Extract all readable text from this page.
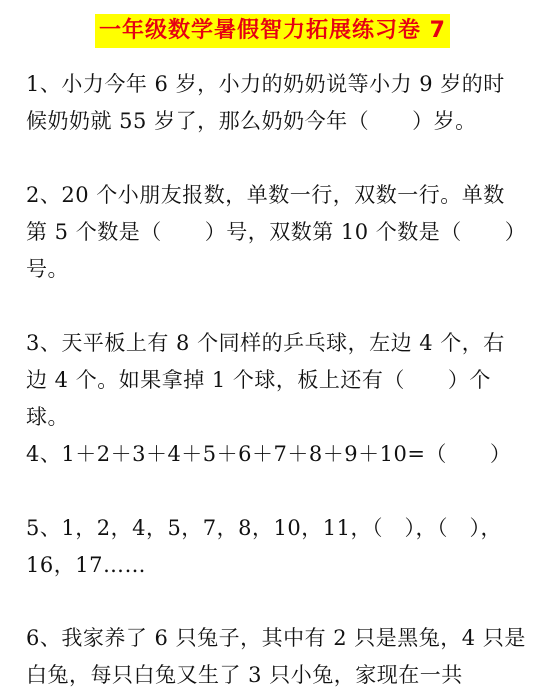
一年级数学暑假智力拓展练习卷 7
1、小力今年 6 岁，小力的奶奶说等小力 9 岁的时候奶奶就 55 岁了，那么奶奶今年（　　）岁。
2、20 个小朋友报数，单数一行，双数一行。单数第 5 个数是（　　）号，双数第 10 个数是（　　）号。
3、天平板上有 8 个同样的乒乓球，左边 4 个，右边 4 个。如果拿掉 1 个球，板上还有（　　）个球。
4、1＋2＋3＋4＋5＋6＋7＋8＋9＋10=（　　）
5、1，2，4，5，7，8，10，11，（　），（　），16，17……
6、我家养了 6 只兔子，其中有 2 只是黑兔，4 只是白兔，每只白兔又生了 3 只小兔，家现在一共
